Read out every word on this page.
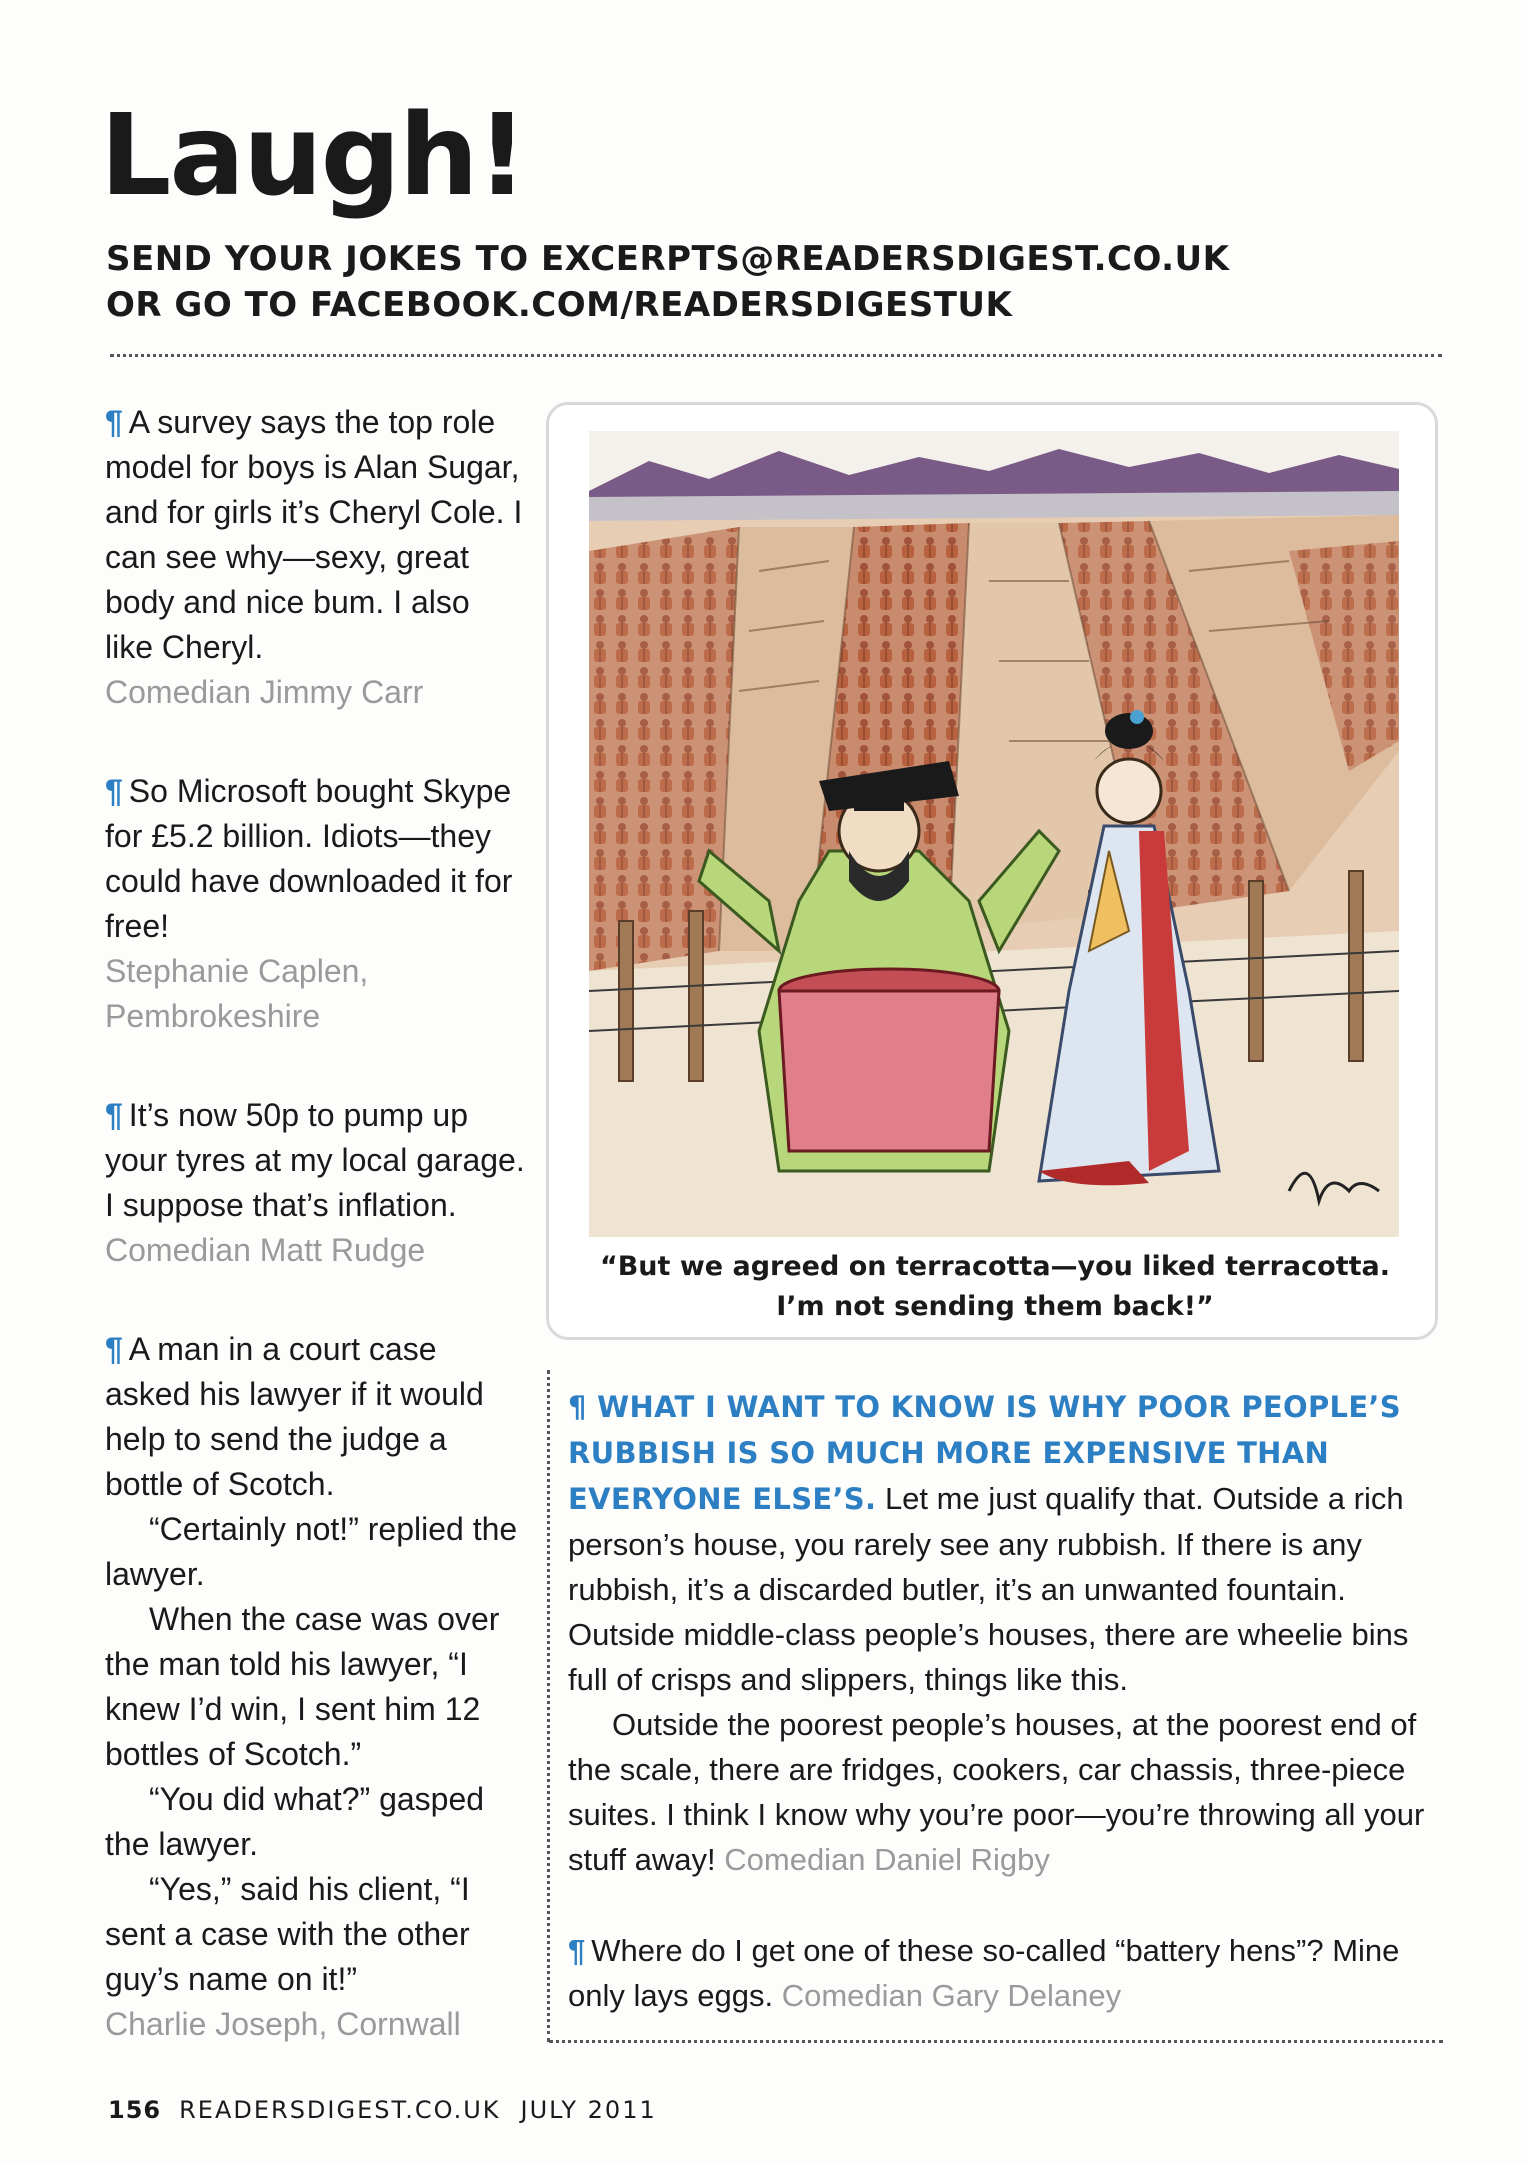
Laugh!
SEND YOUR JOKES TO EXCERPTS@READERSDIGEST.CO.UK
OR GO TO FACEBOOK.COM/READERSDIGESTUK

¶ A survey says the top role model for boys is Alan Sugar, and for girls it’s Cheryl Cole. I can see why—sexy, great body and nice bum. I also like Cheryl.
Comedian Jimmy Carr

¶ So Microsoft bought Skype for £5.2 billion. Idiots—they could have downloaded it for free!
Stephanie Caplen, Pembrokeshire

¶ It’s now 50p to pump up your tyres at my local garage. I suppose that’s inflation. Comedian Matt Rudge

¶ A man in a court case asked his lawyer if it would help to send the judge a bottle of Scotch.

“Certainly not!” replied the lawyer.

When the case was over the man told his lawyer, “I knew I’d win, I sent him 12 bottles of Scotch.”

“You did what?” gasped the lawyer.

“Yes,” said his client, “I sent a case with the other guy’s name on it!”

Charlie Joseph, Cornwall

“But we agreed on terracotta—you liked terracotta.
I’m not sending them back!”

¶ WHAT I WANT TO KNOW IS WHY POOR PEOPLE’S RUBBISH IS SO MUCH MORE EXPENSIVE THAN EVERYONE ELSE’S. Let me just qualify that. Outside a rich person’s house, you rarely see any rubbish. If there is any rubbish, it’s a discarded butler, it’s an unwanted fountain. Outside middle-class people’s houses, there are wheelie bins full of crisps and slippers, things like this.

Outside the poorest people’s houses, at the poorest end of the scale, there are fridges, cookers, car chassis, three-piece suites. I think I know why you’re poor—you’re throwing all your stuff away! Comedian Daniel Rigby

¶ Where do I get one of these so-called “battery hens”? Mine only lays eggs. Comedian Gary Delaney

156 READERSDIGEST.CO.UK JULY 2011
